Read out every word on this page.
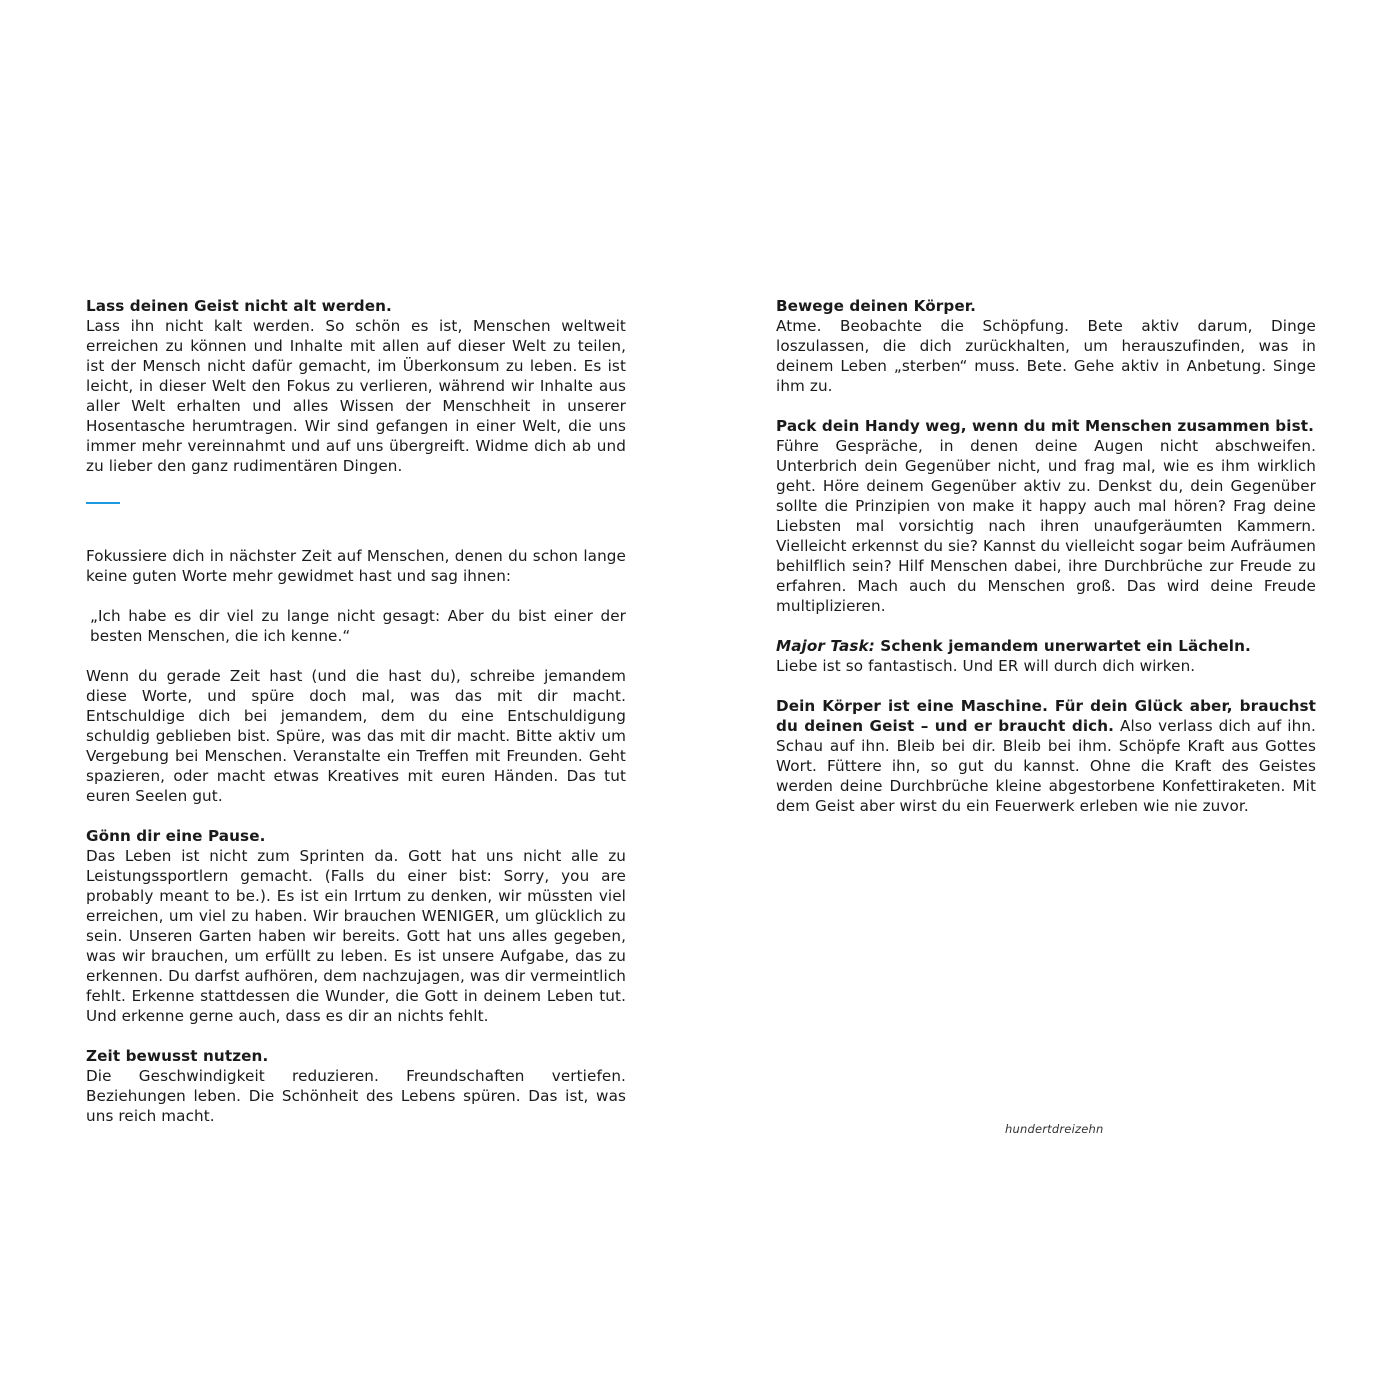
Lass deinen Geist nicht alt werden.

Lass ihn nicht kalt werden. So schön es ist, Menschen weltweit erreichen zu können und Inhalte mit allen auf dieser Welt zu teilen, ist der Mensch nicht dafür gemacht, im Überkonsum zu leben. Es ist leicht, in dieser Welt den Fokus zu verlieren, während wir Inhalte aus aller Welt erhalten und alles Wissen der Menschheit in unserer Hosentasche herumtragen. Wir sind gefangen in einer Welt, die uns immer mehr vereinnahmt und auf uns übergreift. Widme dich ab und zu lieber den ganz rudimentären Dingen.

Fokussiere dich in nächster Zeit auf Menschen, denen du schon lange keine guten Worte mehr gewidmet hast und sag ihnen:

„Ich habe es dir viel zu lange nicht gesagt: Aber du bist einer der besten Menschen, die ich kenne.“

Wenn du gerade Zeit hast (und die hast du), schreibe jemandem diese Worte, und spüre doch mal, was das mit dir macht. Entschuldige dich bei jemandem, dem du eine Entschuldigung schuldig geblieben bist. Spüre, was das mit dir macht. Bitte aktiv um Vergebung bei Menschen. Veranstalte ein Treffen mit Freunden. Geht spazieren, oder macht etwas Kreatives mit euren Händen. Das tut euren Seelen gut.

Gönn dir eine Pause.

Das Leben ist nicht zum Sprinten da. Gott hat uns nicht alle zu Leistungssportlern gemacht. (Falls du einer bist: Sorry, you are probably meant to be.). Es ist ein Irrtum zu denken, wir müssten viel erreichen, um viel zu haben. Wir brauchen WENIGER, um glücklich zu sein. Unseren Garten haben wir bereits. Gott hat uns alles gegeben, was wir brauchen, um erfüllt zu leben. Es ist unsere Aufgabe, das zu erkennen. Du darfst aufhören, dem nachzujagen, was dir vermeintlich fehlt. Erkenne stattdessen die Wunder, die Gott in deinem Leben tut. Und erkenne gerne auch, dass es dir an nichts fehlt.

Zeit bewusst nutzen.

Die Geschwindigkeit reduzieren. Freundschaften vertiefen. Beziehungen leben. Die Schönheit des Lebens spüren. Das ist, was uns reich macht.

Bewege deinen Körper.

Atme. Beobachte die Schöpfung. Bete aktiv darum, Dinge loszulassen, die dich zurückhalten, um herauszufinden, was in deinem Leben „sterben“ muss. Bete. Gehe aktiv in Anbetung. Singe ihm zu.

Pack dein Handy weg, wenn du mit Menschen zusammen bist.

Führe Gespräche, in denen deine Augen nicht abschweifen. Unterbrich dein Gegenüber nicht, und frag mal, wie es ihm wirklich geht. Höre deinem Gegenüber aktiv zu. Denkst du, dein Gegenüber sollte die Prinzipien von make it happy auch mal hören? Frag deine Liebsten mal vorsichtig nach ihren unaufgeräumten Kammern. Vielleicht erkennst du sie? Kannst du vielleicht sogar beim Aufräumen behilflich sein? Hilf Menschen dabei, ihre Durchbrüche zur Freude zu erfahren. Mach auch du Menschen groß. Das wird deine Freude multiplizieren.

Major Task: Schenk jemandem unerwartet ein Lächeln.

Liebe ist so fantastisch. Und ER will durch dich wirken.

Dein Körper ist eine Maschine. Für dein Glück aber, brauchst du deinen Geist – und er braucht dich. Also verlass dich auf ihn. Schau auf ihn. Bleib bei dir. Bleib bei ihm. Schöpfe Kraft aus Gottes Wort. Füttere ihn, so gut du kannst. Ohne die Kraft des Geistes werden deine Durchbrüche kleine abgestorbene Konfettiraketen. Mit dem Geist aber wirst du ein Feuerwerk erleben wie nie zuvor.

hundertdreizehn
